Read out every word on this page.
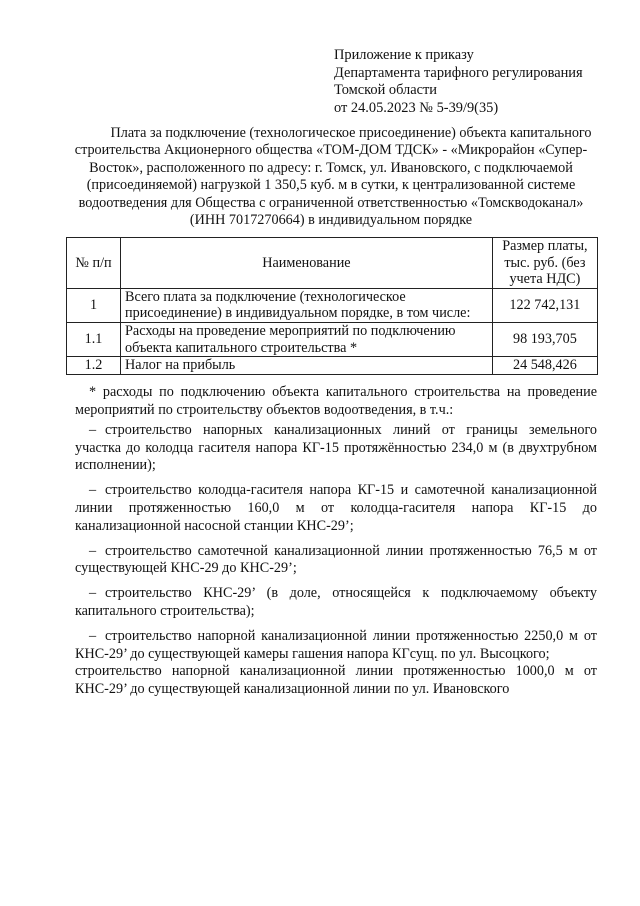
Приложение к приказу
Департамента тарифного регулирования
Томской области
от 24.05.2023 № 5-39/9(35)
Плата за подключение (технологическое присоединение) объекта капитального
строительства Акционерного общества «ТОМ-ДОМ ТДСК» - «Микрорайон «Супер-
Восток», расположенного по адресу: г. Томск, ул. Ивановского, с подключаемой
(присоединяемой) нагрузкой 1 350,5 куб. м в сутки, к централизованной системе
водоотведения для Общества с ограниченной ответственностью «Томскводоканал»
(ИНН 7017270664) в индивидуальном порядке
№ п/п	Наименование	Размер платы, тыс. руб. (без учета НДС)
1	Всего плата за подключение (технологическое присоединение) в индивидуальном порядке, в том числе:	122 742,131
1.1	Расходы на проведение мероприятий по подключению объекта капитального строительства *	98 193,705
1.2	Налог на прибыль	24 548,426

* расходы по подключению объекта капитального строительства на проведение мероприятий по строительству объектов водоотведения, в т.ч.:

– строительство напорных канализационных линий от границы земельного участка до колодца гасителя напора КГ-15 протяжённостью 234,0 м (в двухтрубном исполнении);

– строительство колодца-гасителя напора КГ-15 и самотечной канализационной линии протяженностью 160,0 м от колодца-гасителя напора КГ-15 до канализационной насосной станции КНС-29’;

– строительство самотечной канализационной линии протяженностью 76,5 м от существующей КНС-29 до КНС-29’;

– строительство КНС-29’ (в доле, относящейся к подключаемому объекту капитального строительства);

– строительство напорной канализационной линии протяженностью 2250,0 м от КНС-29’ до существующей камеры гашения напора КГсущ. по ул. Высоцкого;

строительство напорной канализационной линии протяженностью 1000,0 м от КНС-29’ до существующей канализационной линии по ул. Ивановского
